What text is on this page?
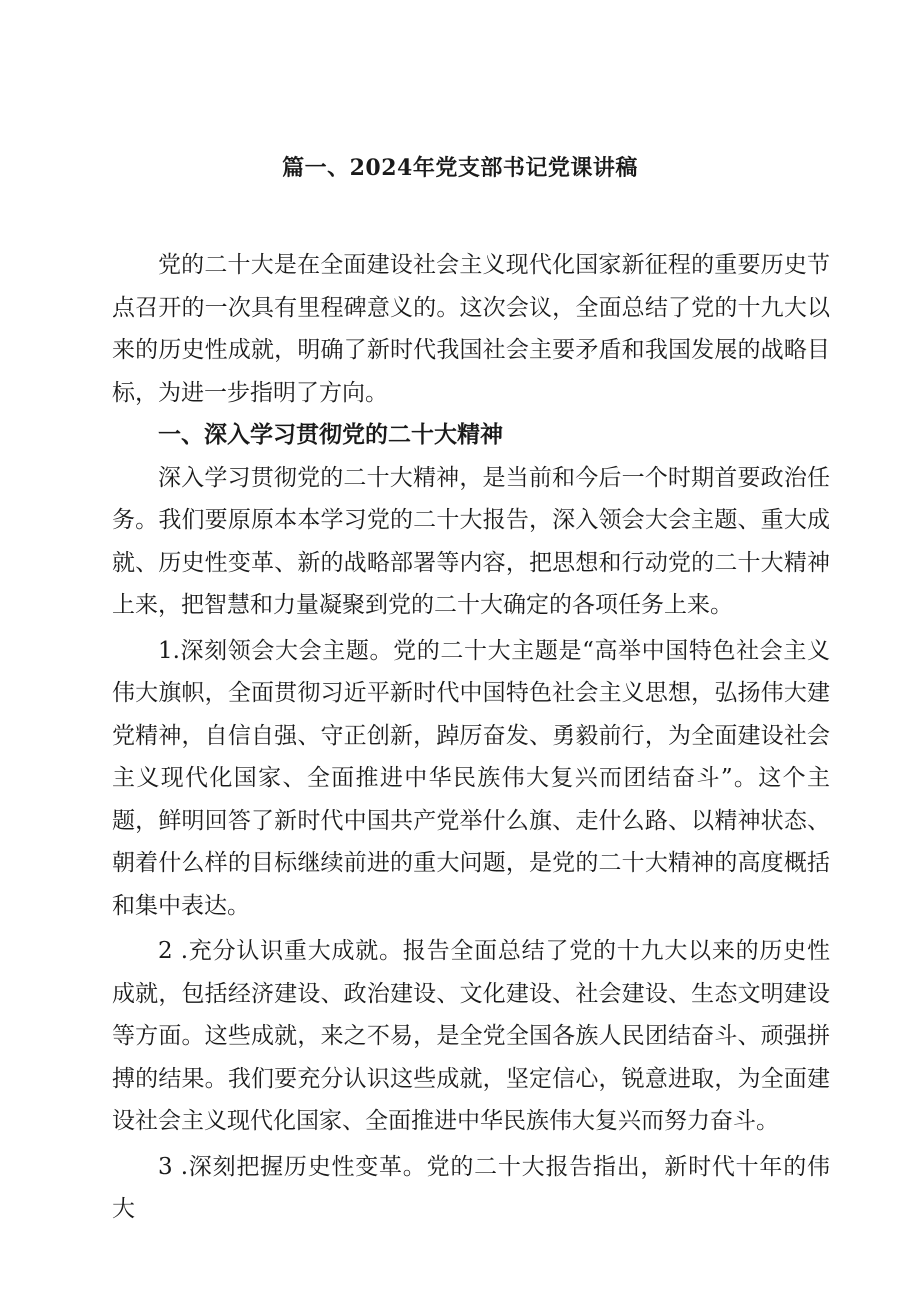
篇一、2024年党支部书记党课讲稿

党的二十大是在全面建设社会主义现代化国家新征程的重要历史节点召开的一次具有里程碑意义的。这次会议，全面总结了党的十九大以来的历史性成就，明确了新时代我国社会主要矛盾和我国发展的战略目标，为进一步指明了方向。

一、深入学习贯彻党的二十大精神

深入学习贯彻党的二十大精神，是当前和今后一个时期首要政治任务。我们要原原本本学习党的二十大报告，深入领会大会主题、重大成就、历史性变革、新的战略部署等内容，把思想和行动党的二十大精神上来，把智慧和力量凝聚到党的二十大确定的各项任务上来。

1.深刻领会大会主题。党的二十大主题是“高举中国特色社会主义伟大旗帜，全面贯彻习近平新时代中国特色社会主义思想，弘扬伟大建党精神，自信自强、守正创新，踔厉奋发、勇毅前行，为全面建设社会主义现代化国家、全面推进中华民族伟大复兴而团结奋斗”。这个主题，鲜明回答了新时代中国共产党举什么旗、走什么路、以精神状态、朝着什么样的目标继续前进的重大问题，是党的二十大精神的高度概括和集中表达。

2 .充分认识重大成就。报告全面总结了党的十九大以来的历史性成就，包括经济建设、政治建设、文化建设、社会建设、生态文明建设等方面。这些成就，来之不易，是全党全国各族人民团结奋斗、顽强拼搏的结果。我们要充分认识这些成就，坚定信心，锐意进取，为全面建设社会主义现代化国家、全面推进中华民族伟大复兴而努力奋斗。

3 .深刻把握历史性变革。党的二十大报告指出，新时代十年的伟大
